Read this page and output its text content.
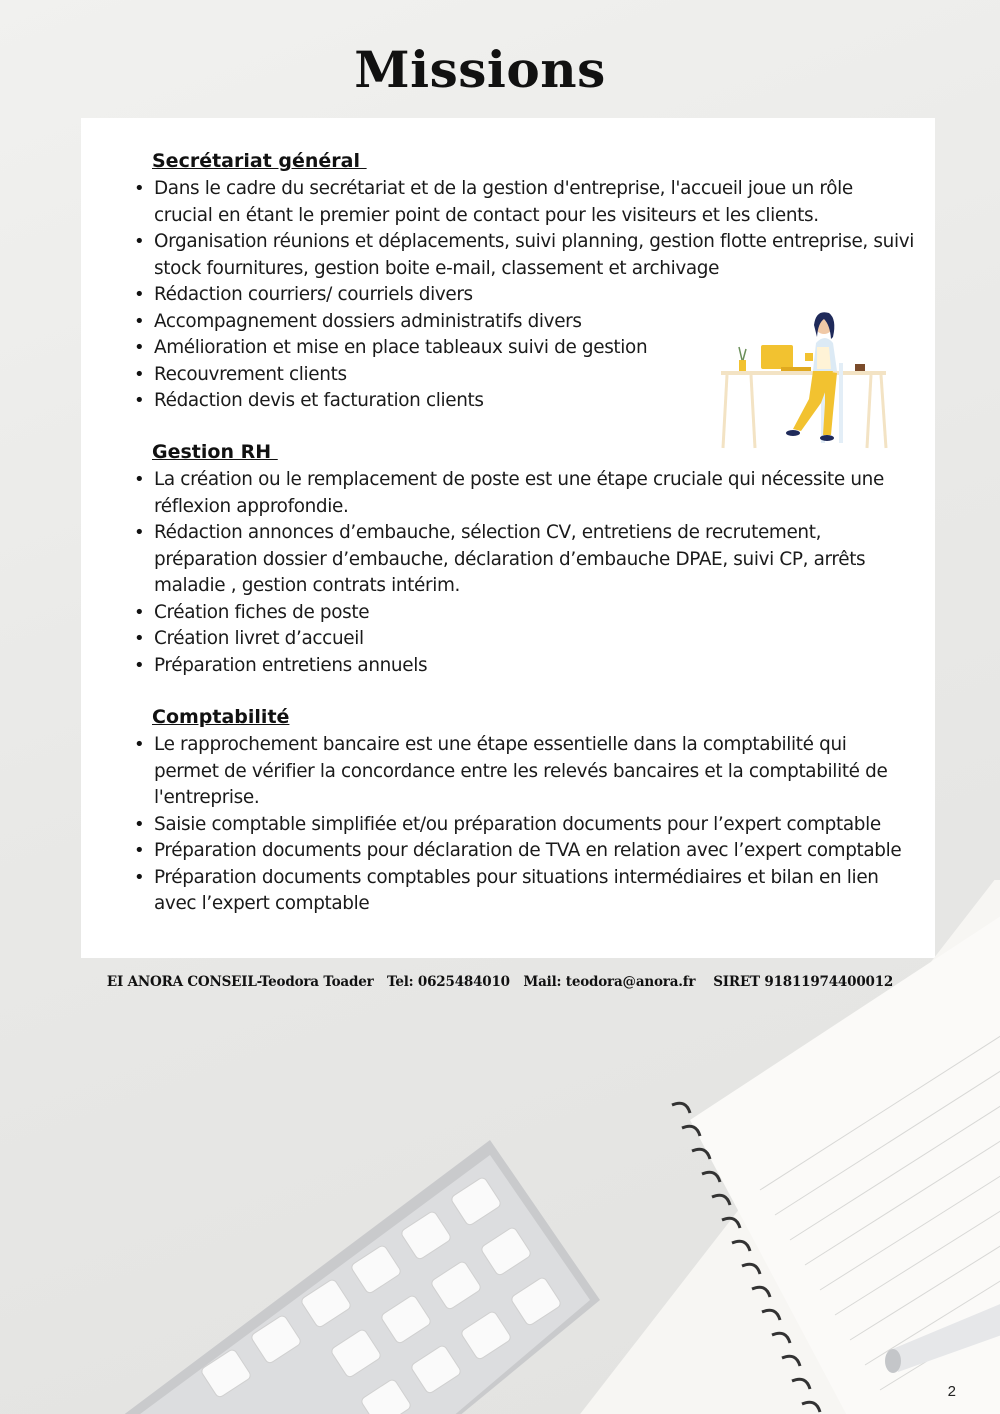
Missions
Secrétariat général
• Dans le cadre du secrétariat et de la gestion d'entreprise, l'accueil joue un rôle crucial en étant le premier point de contact pour les visiteurs et les clients.
• Organisation réunions et déplacements, suivi planning, gestion flotte entreprise, suivi stock fournitures, gestion boite e-mail, classement et archivage
• Rédaction courriers/ courriels divers
• Accompagnement dossiers administratifs divers
• Amélioration et mise en place tableaux suivi de gestion
• Recouvrement clients
• Rédaction devis et facturation clients
Gestion RH
• La création ou le remplacement de poste est une étape cruciale qui nécessite une réflexion approfondie.
• Rédaction annonces d’embauche, sélection CV, entretiens de recrutement, préparation dossier d’embauche, déclaration d’embauche DPAE, suivi CP, arrêts maladie , gestion contrats intérim.
• Création fiches de poste
• Création livret d’accueil
• Préparation entretiens annuels
Comptabilité
• Le rapprochement bancaire est une étape essentielle dans la comptabilité qui permet de vérifier la concordance entre les relevés bancaires et la comptabilité de l'entreprise.
• Saisie comptable simplifiée et/ou préparation documents pour l’expert comptable
• Préparation documents pour déclaration de TVA en relation avec l’expert comptable
• Préparation documents comptables pour situations intermédiaires et bilan en lien avec l’expert comptable
EI ANORA CONSEIL-Teodora Toader   Tel: 0625484010   Mail: teodora@anora.fr    SIRET 91811974400012
2
